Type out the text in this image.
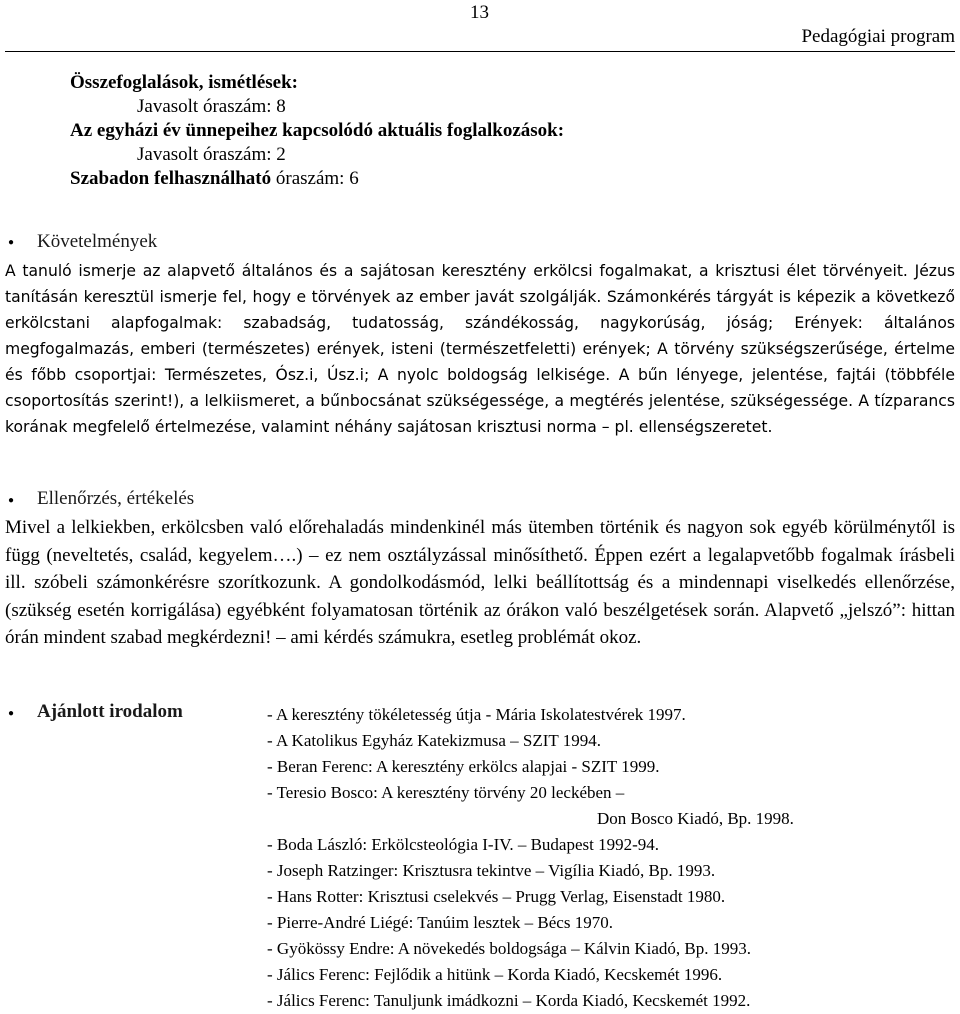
13
Pedagógiai program
Összefoglalások, ismétlések:
Javasolt óraszám: 8
Az egyházi év ünnepeihez kapcsolódó aktuális foglalkozások:
Javasolt óraszám: 2
Szabadon felhasználható óraszám: 6
● Követelmények
A tanuló ismerje az alapvető általános és a sajátosan keresztény erkölcsi fogalmakat, a krisztusi élet törvényeit. Jézus tanításán keresztül ismerje fel, hogy e törvények az ember javát szolgálják. Számonkérés tárgyát is képezik a következő erkölcstani alapfogalmak: szabadság, tudatosság, szándékosság, nagykorúság, jóság; Erények: általános megfogalmazás, emberi (természetes) erények, isteni (természetfeletti) erények; A törvény szükségszerűsége, értelme és főbb csoportjai: Természetes, Ósz.i, Úsz.i; A nyolc boldogság lelkisége. A bűn lényege, jelentése, fajtái (többféle csoportosítás szerint!), a lelkiismeret, a bűnbocsánat szükségessége, a megtérés jelentése, szükségessége. A tízparancs korának megfelelő értelmezése, valamint néhány sajátosan krisztusi norma – pl. ellenségszeretet.
● Ellenőrzés, értékelés
Mivel a lelkiekben, erkölcsben való előrehaladás mindenkinél más ütemben történik és nagyon sok egyéb körülménytől is függ (neveltetés, család, kegyelem….) – ez nem osztályzással minősíthető. Éppen ezért a legalapvetőbb fogalmak írásbeli ill. szóbeli számonkérésre szorítkozunk. A gondolkodásmód, lelki beállítottság és a mindennapi viselkedés ellenőrzése, (szükség esetén korrigálása) egyébként folyamatosan történik az órákon való beszélgetések során. Alapvető „jelszó”: hittan órán mindent szabad megkérdezni! – ami kérdés számukra, esetleg problémát okoz.
● Ajánlott irodalom	- A keresztény tökéletesség útja - Mária Iskolatestvérek 1997.
- A Katolikus Egyház Katekizmusa – SZIT 1994.
- Beran Ferenc: A keresztény erkölcs alapjai - SZIT 1999.
- Teresio Bosco: A keresztény törvény 20 leckében –
Don Bosco Kiadó, Bp. 1998.
- Boda László: Erkölcsteológia I-IV. – Budapest 1992-94.
- Joseph Ratzinger: Krisztusra tekintve – Vigília Kiadó, Bp. 1993.
- Hans Rotter: Krisztusi cselekvés – Prugg Verlag, Eisenstadt 1980.
- Pierre-André Liégé: Tanúim lesztek – Bécs 1970.
- Gyökössy Endre: A növekedés boldogsága – Kálvin Kiadó, Bp. 1993.
- Jálics Ferenc: Fejlődik a hitünk – Korda Kiadó, Kecskemét 1996.
- Jálics Ferenc: Tanuljunk imádkozni – Korda Kiadó, Kecskemét 1992.
